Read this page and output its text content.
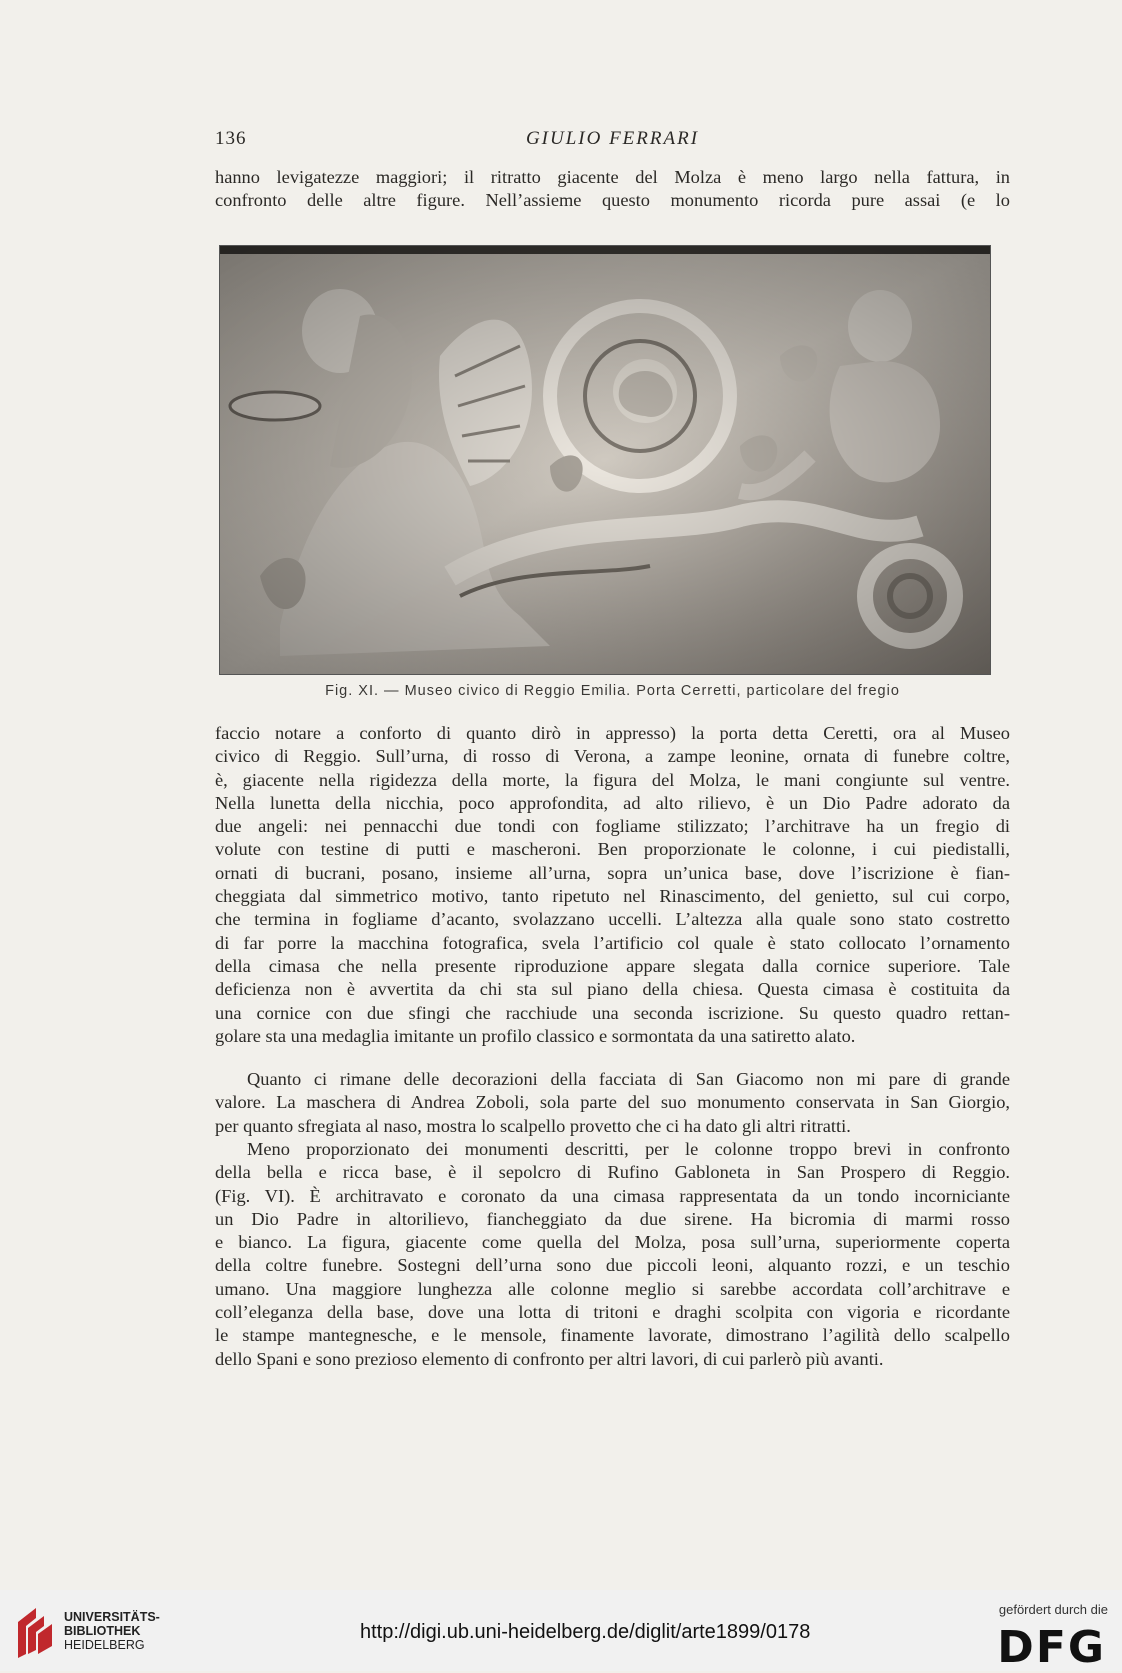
136	GIULIO FERRARI

hanno levigatezze maggiori; il ritratto giacente del Molza è meno largo nella fattura, in
confronto delle altre figure. Nell’assieme questo monumento ricorda pure assai (e lo

Fig. XI. — Museo civico di Reggio Emilia. Porta Cerretti, particolare del fregio

faccio notare a conforto di quanto dirò in appresso) la porta detta Ceretti, ora al Museo
civico di Reggio. Sull’urna, di rosso di Verona, a zampe leonine, ornata di funebre coltre,
è, giacente nella rigidezza della morte, la figura del Molza, le mani congiunte sul ventre.
Nella lunetta della nicchia, poco approfondita, ad alto rilievo, è un Dio Padre adorato da
due angeli: nei pennacchi due tondi con fogliame stilizzato; l’architrave ha un fregio di
volute con testine di putti e mascheroni. Ben proporzionate le colonne, i cui piedistalli,
ornati di bucrani, posano, insieme all’urna, sopra un’unica base, dove l’iscrizione è fian-
cheggiata dal simmetrico motivo, tanto ripetuto nel Rinascimento, del genietto, sul cui corpo,
che termina in fogliame d’acanto, svolazzano uccelli. L’altezza alla quale sono stato costretto
di far porre la macchina fotografica, svela l’artificio col quale è stato collocato l’ornamento
della cimasa che nella presente riproduzione appare slegata dalla cornice superiore. Tale
deficienza non è avvertita da chi sta sul piano della chiesa. Questa cimasa è costituita da
una cornice con due sfingi che racchiude una seconda iscrizione. Su questo quadro rettan-
golare sta una medaglia imitante un profilo classico e sormontata da una satiretto alato.

Quanto ci rimane delle decorazioni della facciata di San Giacomo non mi pare di grande
valore. La maschera di Andrea Zoboli, sola parte del suo monumento conservata in San Giorgio,
per quanto sfregiata al naso, mostra lo scalpello provetto che ci ha dato gli altri ritratti.

Meno proporzionato dei monumenti descritti, per le colonne troppo brevi in confronto
della bella e ricca base, è il sepolcro di Rufino Gabloneta in San Prospero di Reggio.
(Fig. VI). È architravato e coronato da una cimasa rappresentata da un tondo incorniciante
un Dio Padre in altorilievo, fiancheggiato da due sirene. Ha bicromia di marmi rosso
e bianco. La figura, giacente come quella del Molza, posa sull’urna, superiormente coperta
della coltre funebre. Sostegni dell’urna sono due piccoli leoni, alquanto rozzi, e un teschio
umano. Una maggiore lunghezza alle colonne meglio si sarebbe accordata coll’architrave e
coll’eleganza della base, dove una lotta di tritoni e draghi scolpita con vigoria e ricordante
le stampe mantegnesche, e le mensole, finamente lavorate, dimostrano l’agilità dello scalpello
dello Spani e sono prezioso elemento di confronto per altri lavori, di cui parlerò più avanti.

UNIVERSITÄTS-
BIBLIOTHEK
HEIDELBERG
http://digi.ub.uni-heidelberg.de/diglit/arte1899/0178
gefördert durch die
DFG
